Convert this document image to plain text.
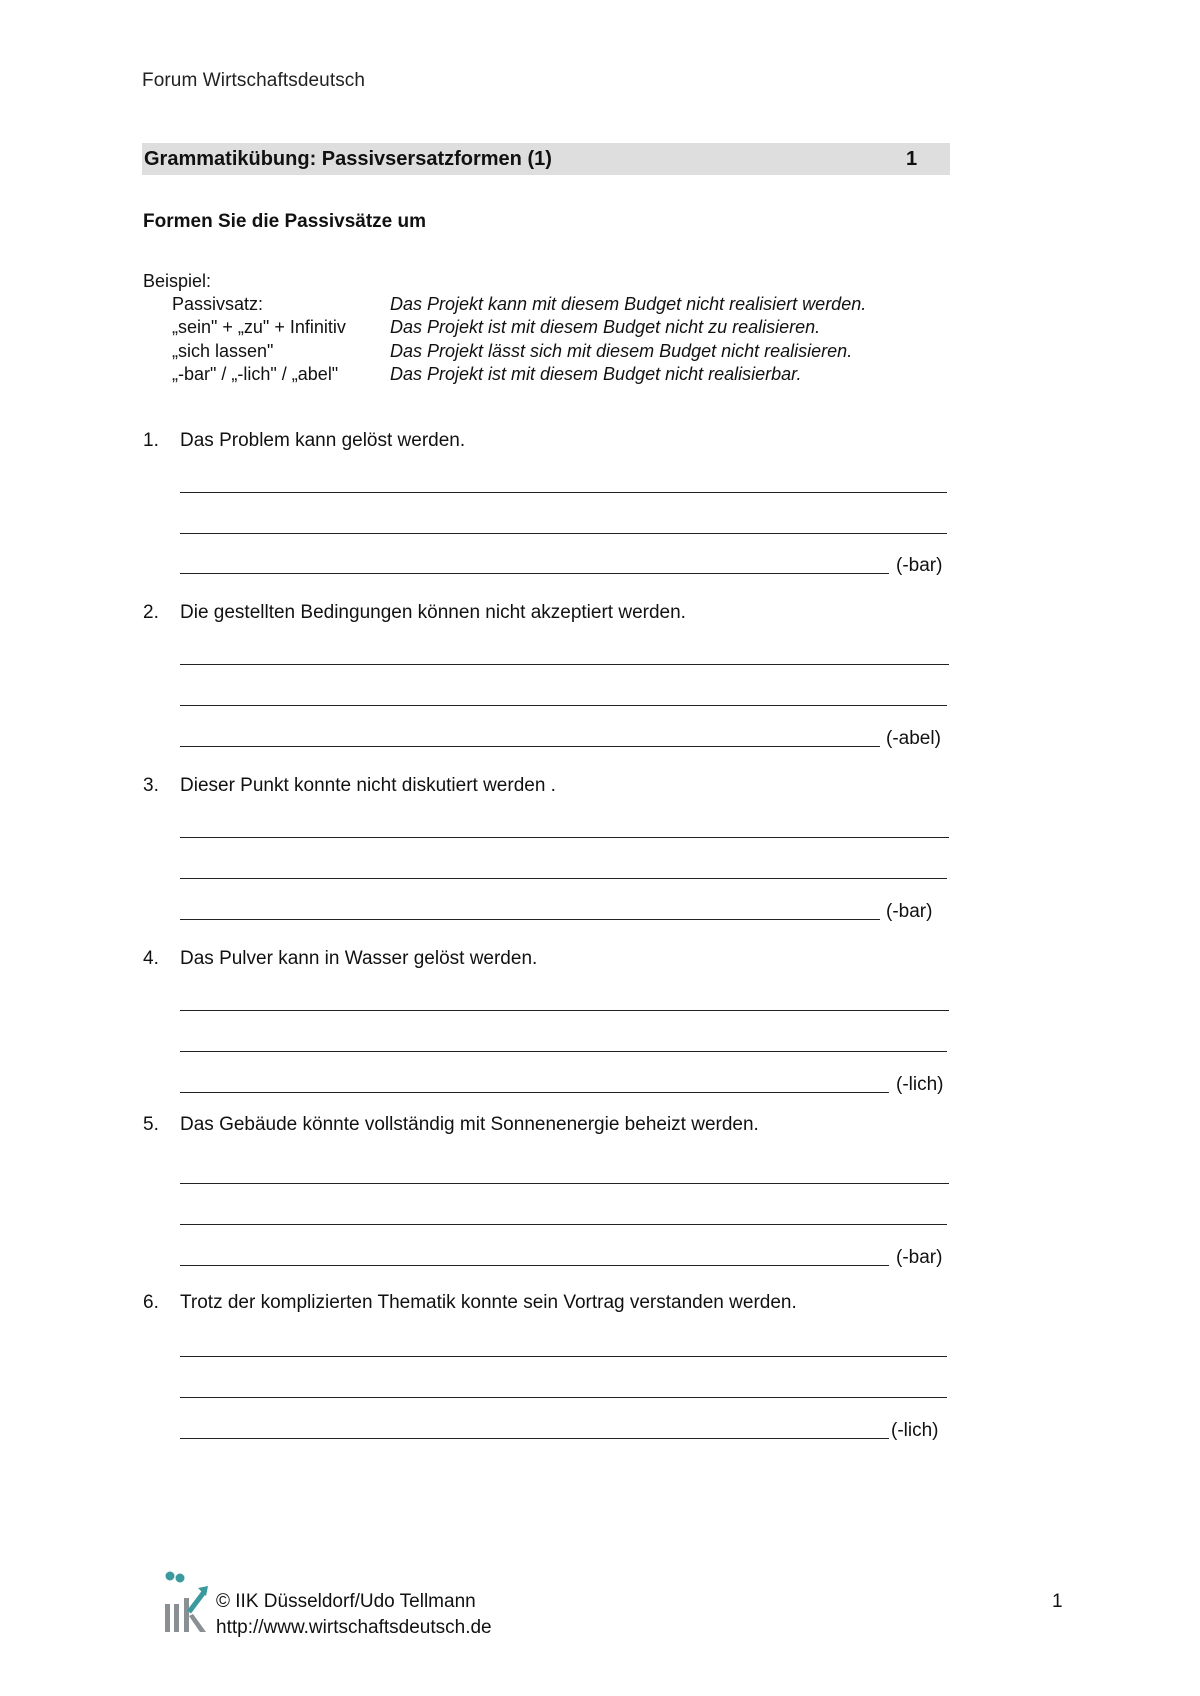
Forum Wirtschaftsdeutsch
Grammatikübung: Passivsersatzformen (1)	1
Formen Sie die Passivsätze um
Beispiel:
Passivsatz:	Das Projekt kann mit diesem Budget nicht realisiert werden.
„sein" + „zu" + Infinitiv Das Projekt ist mit diesem Budget nicht zu realisieren.
„sich lassen"	Das Projekt lässt sich mit diesem Budget nicht realisieren.
„-bar" / „-lich" / „abel"	Das Projekt ist mit diesem Budget nicht realisierbar.
1. Das Problem kann gelöst werden.
(-bar)
2. Die gestellten Bedingungen können nicht akzeptiert werden.
(-abel)
3. Dieser Punkt konnte nicht diskutiert werden .
(-bar)
4. Das Pulver kann in Wasser gelöst werden.
(-lich)
5. Das Gebäude könnte vollständig mit Sonnenenergie beheizt werden.
(-bar)
6. Trotz der komplizierten Thematik konnte sein Vortrag verstanden werden.
(-lich)
© IIK Düsseldorf/Udo Tellmann
http://www.wirtschaftsdeutsch.de
1
